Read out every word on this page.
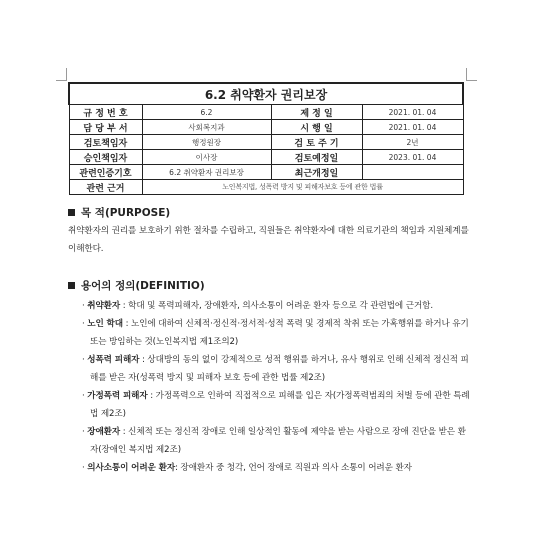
6.2 취약환자 권리보장			
규 정 번 호	6.2	제 정 일	2021. 01. 04
담 당 부 서	사회복지과	시 행 일	2021. 01. 04
검토책임자	행정원장	검 토 주 기	2년
승인책임자	이사장	검토예정일	2023. 01. 04
관련인증기호	6.2 취약환자 권리보장	최근개정일	
관련 근거	노인복지법, 성폭력 방지 및 피해자보호 등에 관한 법률		
목 적(PURPOSE)
취약환자의 권리를 보호하기 위한 절차를 수립하고, 직원들은 취약환자에 대한 의료기관의 책임과 지원체계를 이해한다.
용어의 정의(DEFINITIO)
· 취약환자 : 학대 및 폭력피해자, 장애환자, 의사소통이 어려운 환자 등으로 각 관련법에 근거함.
· 노인 학대 : 노인에 대하여 신체적·정신적·정서적·성적 폭력 및 경제적 착취 또는 가혹행위를 하거나 유기 또는 방임하는 것(노인복지법 제1조의2)
· 성폭력 피해자 : 상대방의 동의 없이 강제적으로 성적 행위를 하거나, 유사 행위로 인해 신체적 정신적 피해를 받은 자(성폭력 방지 및 피해자 보호 등에 관한 법률 제2조)
· 가정폭력 피해자 : 가정폭력으로 인하여 직접적으로 피해를 입은 자(가정폭력범죄의 처벌 등에 관한 특례법 제2조)
· 장애환자 : 신체적 또는 정신적 장애로 인해 일상적인 활동에 제약을 받는 사람으로 장애 진단을 받은 환자(장애인 복지법 제2조)
· 의사소통이 어려운 환자: 장애환자 중 청각, 언어 장애로 직원과 의사 소통이 어려운 환자
